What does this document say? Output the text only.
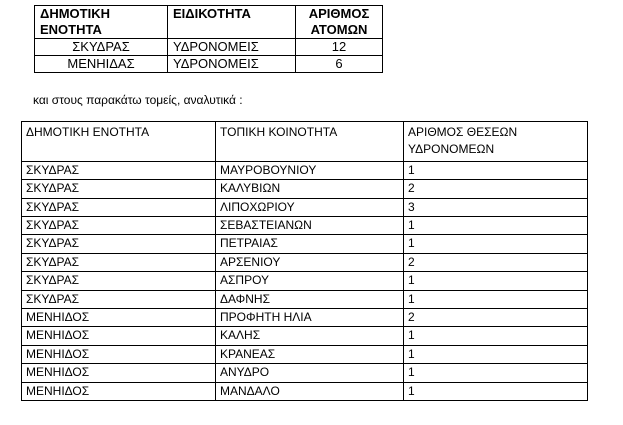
ΔΗΜΟΤΙΚΗ ΕΝΟΤΗΤΑ	ΕΙΔΙΚΟΤΗΤΑ	ΑΡΙΘΜΟΣ ΑΤΟΜΩΝ
ΣΚΥΔΡΑΣ	ΥΔΡΟΝΟΜΕΙΣ	12
ΜΕΝΗΙΔΑΣ	ΥΔΡΟΝΟΜΕΙΣ	6

και στους παρακάτω τομείς, αναλυτικά :

ΔΗΜΟΤΙΚΗ ΕΝΟΤΗΤΑ	ΤΟΠΙΚΗ ΚΟΙΝΟΤΗΤΑ	ΑΡΙΘΜΟΣ ΘΕΣΕΩΝ
ΥΔΡΟΝΟΜΕΩΝ

ΣΚΥΔΡΑΣ	ΜΑΥΡΟΒΟΥΝΙΟΥ	1
ΣΚΥΔΡΑΣ	ΚΑΛΥΒΙΩΝ	2
ΣΚΥΔΡΑΣ	ΛΙΠΟΧΩΡΙΟΥ	3
ΣΚΥΔΡΑΣ	ΣΕΒΑΣΤΕΙΑΝΩΝ	1
ΣΚΥΔΡΑΣ	ΠΕΤΡΑΙΑΣ	1
ΣΚΥΔΡΑΣ	ΑΡΣΕΝΙΟΥ	2
ΣΚΥΔΡΑΣ	ΑΣΠΡΟΥ	1
ΣΚΥΔΡΑΣ	ΔΑΦΝΗΣ	1
ΜΕΝΗΙΔΟΣ	ΠΡΟΦΗΤΗ ΗΛΙΑ	2
ΜΕΝΗΙΔΟΣ	ΚΑΛΗΣ	1
ΜΕΝΗΙΔΟΣ	ΚΡΑΝΕΑΣ	1
ΜΕΝΗΙΔΟΣ	ΑΝΥΔΡΟ	1
ΜΕΝΗΙΔΟΣ	ΜΑΝΔΑΛΟ	1
